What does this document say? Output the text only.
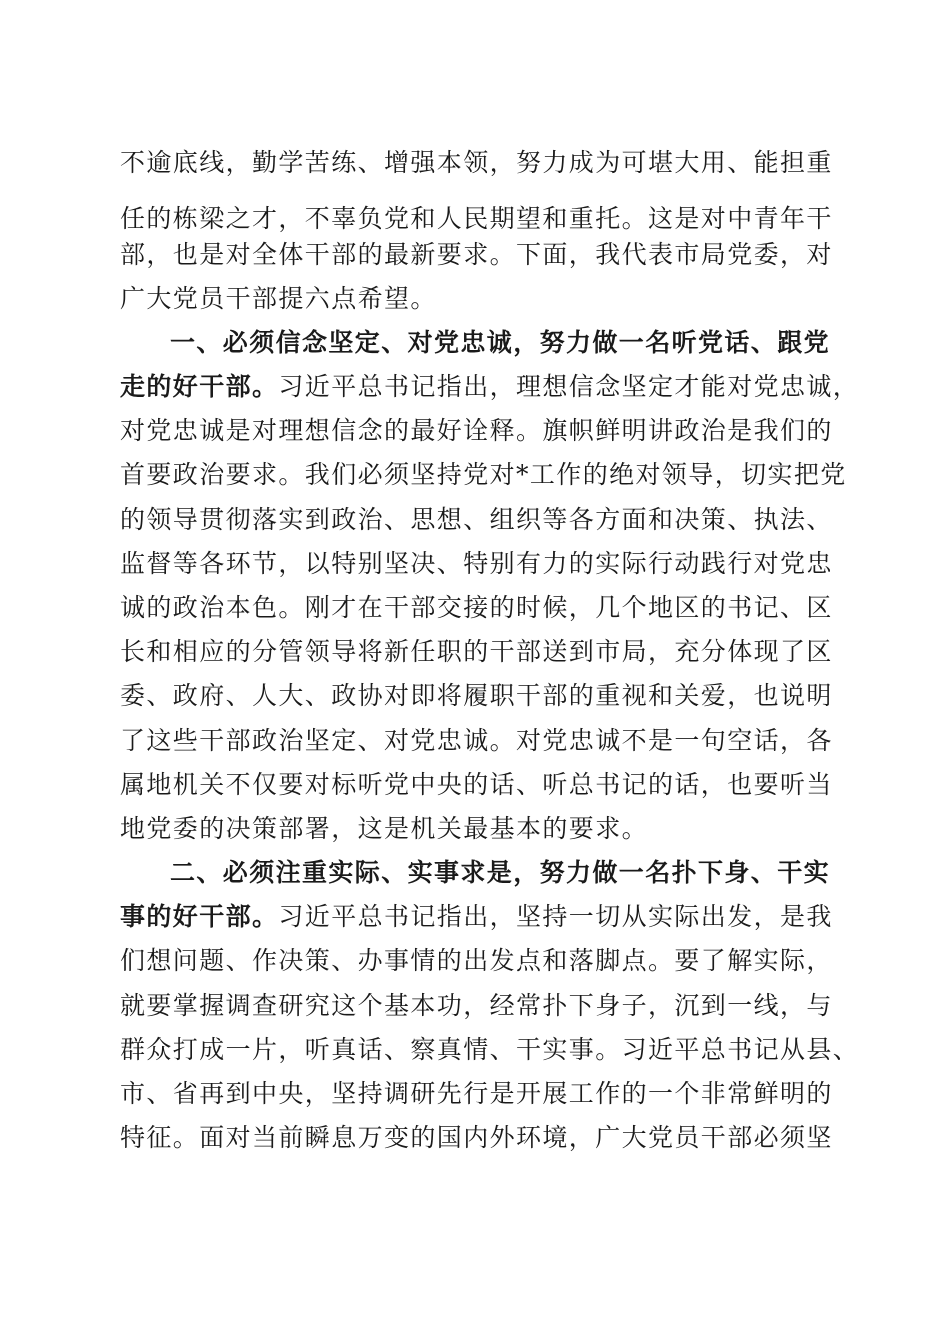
不逾底线，勤学苦练、增强本领，努力成为可堪大用、能担重
任的栋梁之才，不辜负党和人民期望和重托。这是对中青年干
部，也是对全体干部的最新要求。下面，我代表市局党委，对
广大党员干部提六点希望。
一、必须信念坚定、对党忠诚，努力做一名听党话、跟党
走的好干部。习近平总书记指出，理想信念坚定才能对党忠诚，
对党忠诚是对理想信念的最好诠释。旗帜鲜明讲政治是我们的
首要政治要求。我们必须坚持党对*工作的绝对领导，切实把党
的领导贯彻落实到政治、思想、组织等各方面和决策、执法、
监督等各环节，以特别坚决、特别有力的实际行动践行对党忠
诚的政治本色。刚才在干部交接的时候，几个地区的书记、区
长和相应的分管领导将新任职的干部送到市局，充分体现了区
委、政府、人大、政协对即将履职干部的重视和关爱，也说明
了这些干部政治坚定、对党忠诚。对党忠诚不是一句空话，各
属地机关不仅要对标听党中央的话、听总书记的话，也要听当
地党委的决策部署，这是机关最基本的要求。
二、必须注重实际、实事求是，努力做一名扑下身、干实
事的好干部。习近平总书记指出，坚持一切从实际出发，是我
们想问题、作决策、办事情的出发点和落脚点。要了解实际，
就要掌握调查研究这个基本功，经常扑下身子，沉到一线，与
群众打成一片，听真话、察真情、干实事。习近平总书记从县、
市、省再到中央，坚持调研先行是开展工作的一个非常鲜明的
特征。面对当前瞬息万变的国内外环境，广大党员干部必须坚
